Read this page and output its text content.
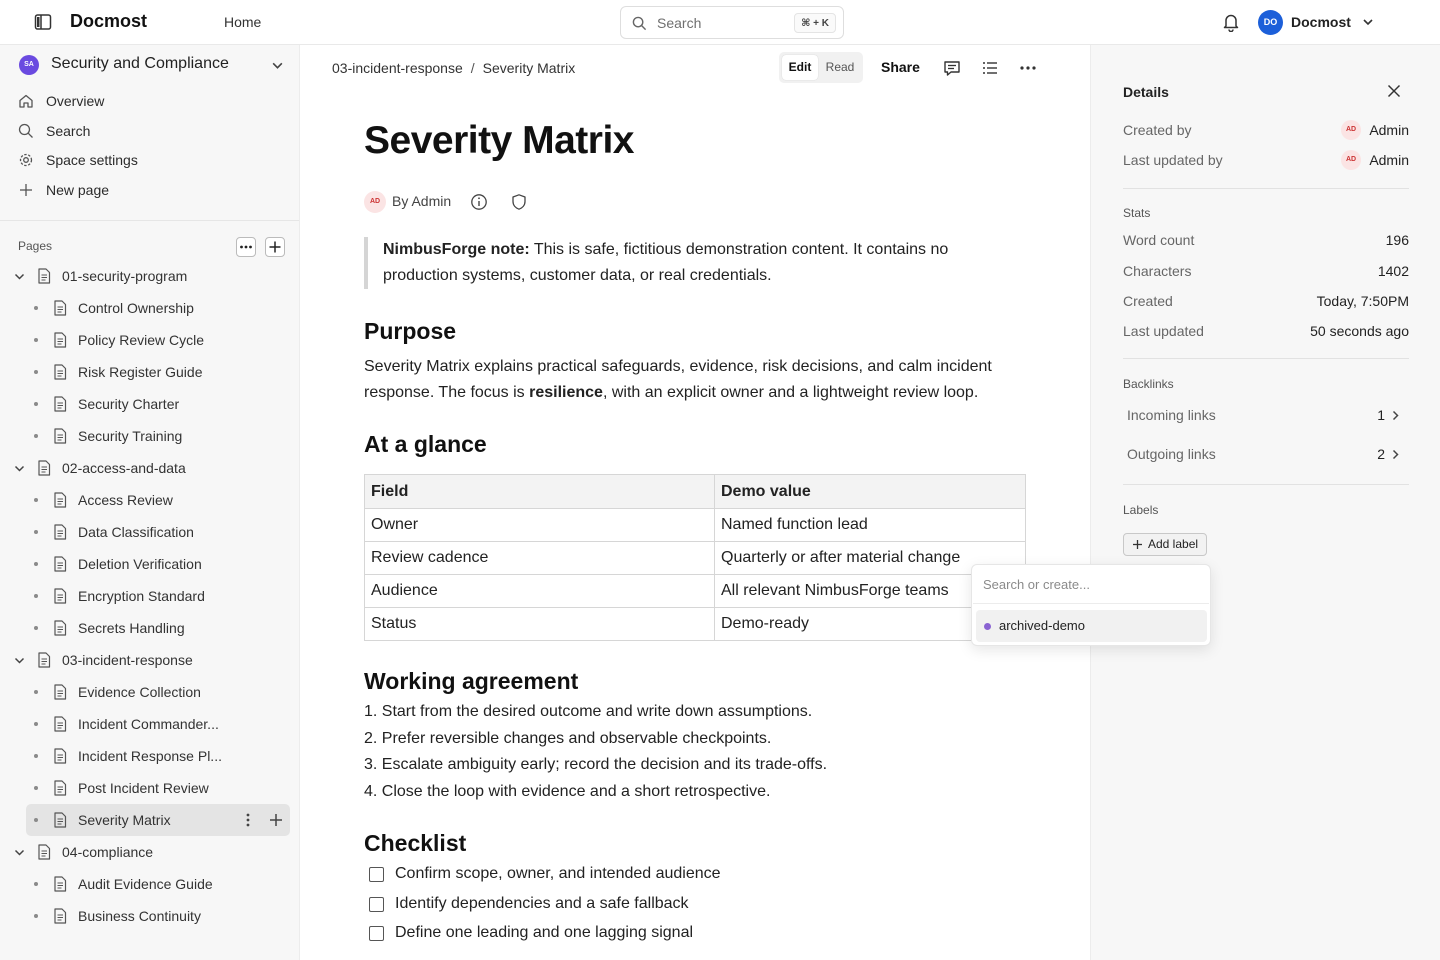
Docmost	Home	Search	⌘ + K	DO Docmost
SA	Security and Compliance
Overview
Search
Space settings
New page
Pages
01-security-program
Control Ownership
Policy Review Cycle
Risk Register Guide
Security Charter
Security Training
02-access-and-data
Access Review
Data Classification
Deletion Verification
Encryption Standard
Secrets Handling
03-incident-response
Evidence Collection
Incident Commander...
Incident Response Pl...
Post Incident Review
Severity Matrix
04-compliance
Audit Evidence Guide
Business Continuity
03-incident-response / Severity Matrix	Edit	Read	Share
Severity Matrix
AD By Admin
NimbusForge note: This is safe, fictitious demonstration content. It contains no production systems, customer data, or real credentials.
Purpose

Severity Matrix explains practical safeguards, evidence, risk decisions, and calm incident response. The focus is resilience, with an explicit owner and a lightweight review loop.

At a glance
Field	Demo value
Owner	Named function lead
Review cadence	Quarterly or after material change
Audience	All relevant NimbusForge teams
Status	Demo-ready
Working agreement
1. Start from the desired outcome and write down assumptions.
2. Prefer reversible changes and observable checkpoints.
3. Escalate ambiguity early; record the decision and its trade-offs.
4. Close the loop with evidence and a short retrospective.
Checklist
Confirm scope, owner, and intended audience
Identify dependencies and a safe fallback
Define one leading and one lagging signal
Details
Created by	AD Admin
Last updated by	AD Admin
Stats
Word count	196
Characters	1402
Created	Today, 7:50PM
Last updated	50 seconds ago
Backlinks
Incoming links	1
Outgoing links	2
Labels
Add label
Search or create...
archived-demo
